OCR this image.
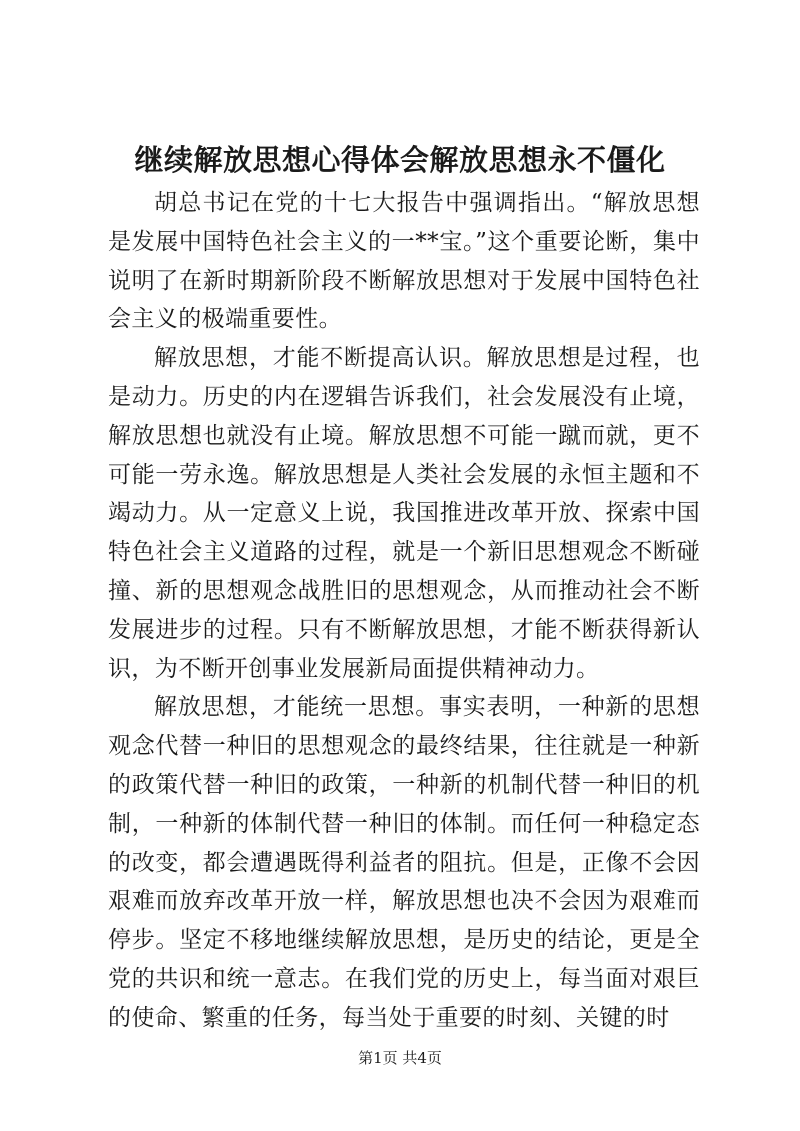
继续解放思想心得体会解放思想永不僵化

胡总书记在党的十七大报告中强调指出。“解放思想是发展中国特色社会主义的一**宝。”这个重要论断，集中说明了在新时期新阶段不断解放思想对于发展中国特色社会主义的极端重要性。

解放思想，才能不断提高认识。解放思想是过程，也是动力。历史的内在逻辑告诉我们，社会发展没有止境，解放思想也就没有止境。解放思想不可能一蹴而就，更不可能一劳永逸。解放思想是人类社会发展的永恒主题和不竭动力。从一定意义上说，我国推进改革开放、探索中国特色社会主义道路的过程，就是一个新旧思想观念不断碰撞、新的思想观念战胜旧的思想观念，从而推动社会不断发展进步的过程。只有不断解放思想，才能不断获得新认识，为不断开创事业发展新局面提供精神动力。

解放思想，才能统一思想。事实表明，一种新的思想观念代替一种旧的思想观念的最终结果，往往就是一种新的政策代替一种旧的政策，一种新的机制代替一种旧的机制，一种新的体制代替一种旧的体制。而任何一种稳定态的改变，都会遭遇既得利益者的阻抗。但是，正像不会因艰难而放弃改革开放一样，解放思想也决不会因为艰难而停步。坚定不移地继续解放思想，是历史的结论，更是全党的共识和统一意志。在我们党的历史上，每当面对艰巨的使命、繁重的任务，每当处于重要的时刻、关键的时

第1页 共4页
